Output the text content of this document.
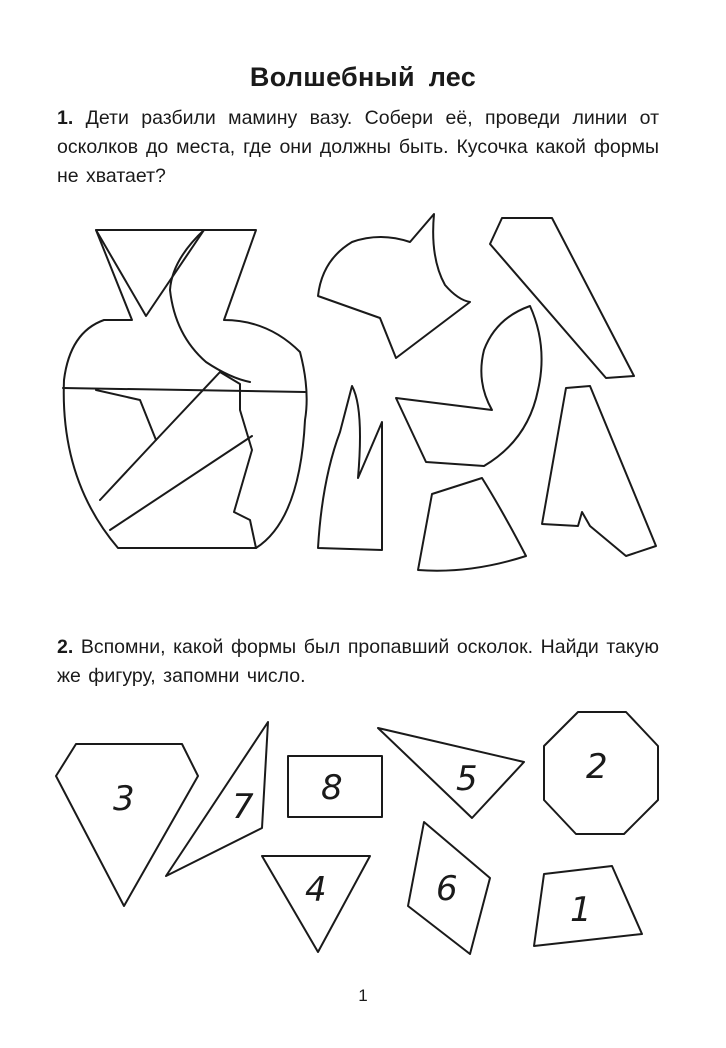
Волшебный лес
1. Дети разбили мамину вазу. Собери её, проведи линии от осколков до места, где они должны быть. Кусочка какой формы не хватает?
3	7 8	5	2
4	6
1
2. Вспомни, какой формы был пропавший осколок. Найди такую же фигуру, запомни число.
1
